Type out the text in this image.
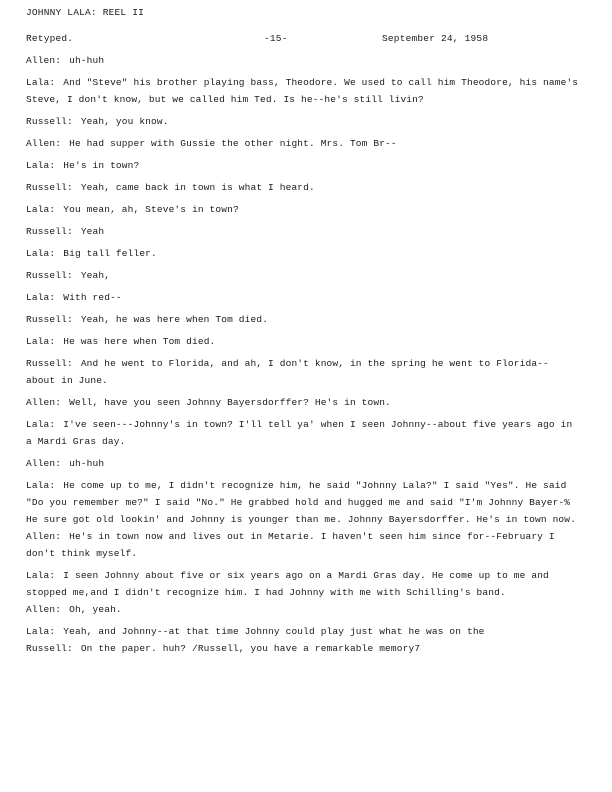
JOHNNY LALA: REEL II
Retyped.	-15-	September 24, 1958
Allen: uh-huh
Lala: And "Steve" his brother playing bass, Theodore. We used to call him Theodore, his name's
Steve, I don't know, but we called him Ted. Is he--he's still livin?
Russell: Yeah, you know.
Allen: He had supper with Gussie the other night. Mrs. Tom Br--
Lala: He's in town?
Russell: Yeah, came back in town is what I heard.
Lala: You mean, ah, Steve's in town?
Russell: Yeah
Lala: Big tall feller.
Russell: Yeah,
Lala: With red--
Russell: Yeah, he was here when Tom died.
Lala: He was here when Tom died.
Russell: And he went to Florida, and ah, I don't know, in the spring he went to Florida--
about in June.
Allen: Well, have you seen Johnny Bayersdorffer? He's in town.
Lala: I've seen---Johnny's in town? I'll tell ya' when I seen Johnny--about five years ago in
a Mardi Gras day.
Allen: uh-huh
Lala: He come up to me, I didn't recognize him, he said "Johnny Lala?" I said "Yes". He said
"Do you remember me?" I said "No." He grabbed hold and hugged me and said "I'm Johnny Bayer-%
He sure got old lookin' and Johnny is younger than me. Johnny Bayersdorffer. He's in town now.
Allen: He's in town now and lives out in Metarie. I haven't seen him since for--February I
don't think myself.
Lala: I seen Johnny about five or six years ago on a Mardi Gras day. He come up to me and
stopped me,and I didn't recognize him. I had Johnny with me with Schilling's band.
Allen: Oh, yeah.
Lala: Yeah, and Johnny--at that time Johnny could play just what he was on the
Russell: On the paper. huh? /Russell, you have a remarkable memory7
